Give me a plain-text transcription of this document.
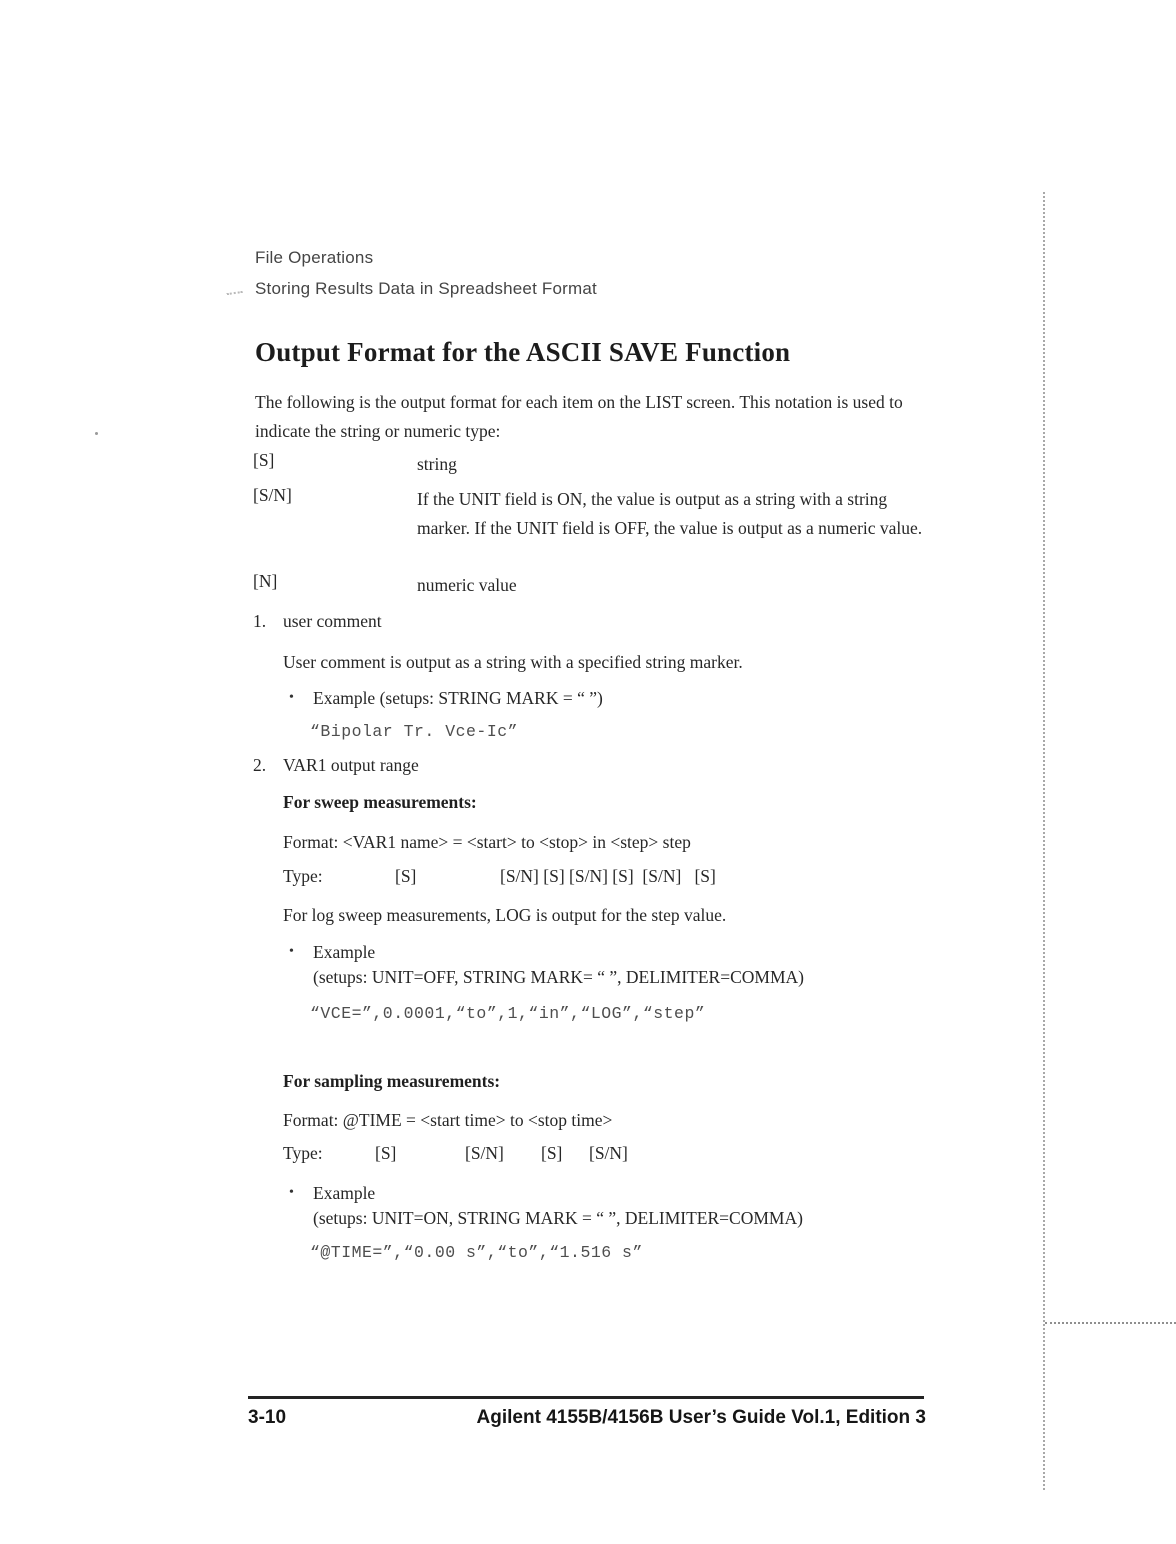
File Operations
Storing Results Data in Spreadsheet Format
Output Format for the ASCII SAVE Function
The following is the output format for each item on the LIST screen. This notation is used to indicate the string or numeric type:
[S]	string
[S/N]	If the UNIT field is ON, the value is output as a string with a string marker. If the UNIT field is OFF, the value is output as a numeric value.
[N]	numeric value
1. user comment
User comment is output as a string with a specified string marker.
• Example (setups: STRING MARK = “ ”)
“Bipolar Tr. Vce-Ic”
2. VAR1 output range
For sweep measurements:
Format: <VAR1 name> = <start> to <stop> in <step> step
Type:	[S]	[S/N] [S] [S/N] [S]  [S/N]   [S]
For log sweep measurements, LOG is output for the step value.
• Example
(setups: UNIT=OFF, STRING MARK= “ ”, DELIMITER=COMMA)
“VCE=”,0.0001,“to”,1,“in”,“LOG”,“step”
For sampling measurements:
Format: @TIME = <start time> to <stop time>
Type:	[S]	[S/N] [S] [S/N]
• Example
(setups: UNIT=ON, STRING MARK = “ ”, DELIMITER=COMMA)
“@TIME=”,“0.00 s”,“to”,“1.516 s”
3-10	Agilent 4155B/4156B User’s Guide Vol.1, Edition 3
